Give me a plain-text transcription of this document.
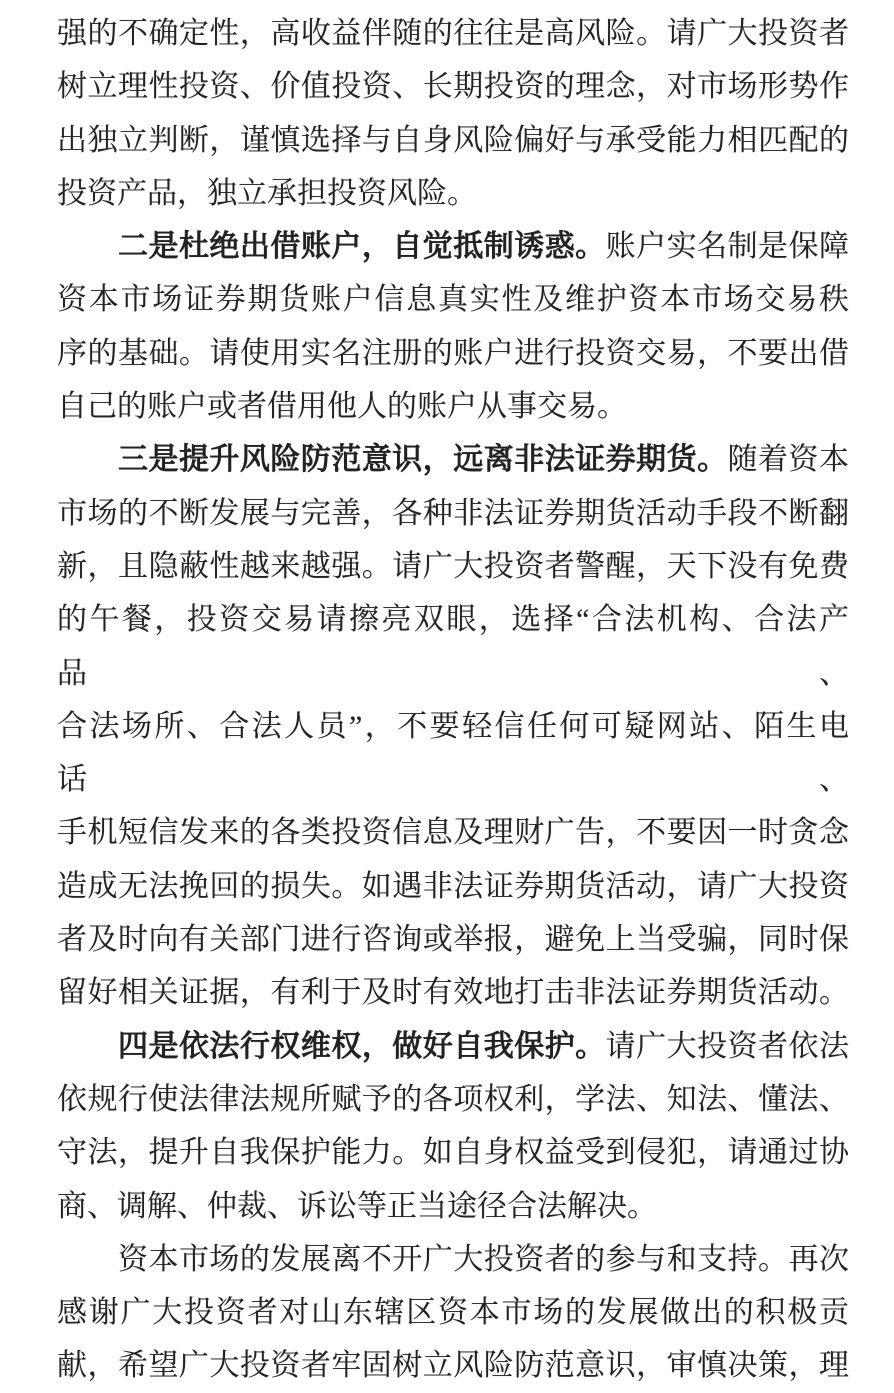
强的不确定性，高收益伴随的往往是高风险。请广大投资者
树立理性投资、价值投资、长期投资的理念，对市场形势作
出独立判断，谨慎选择与自身风险偏好与承受能力相匹配的
投资产品，独立承担投资风险。
二是杜绝出借账户，自觉抵制诱惑。账户实名制是保障
资本市场证券期货账户信息真实性及维护资本市场交易秩
序的基础。请使用实名注册的账户进行投资交易，不要出借
自己的账户或者借用他人的账户从事交易。
三是提升风险防范意识，远离非法证券期货。随着资本
市场的不断发展与完善，各种非法证券期货活动手段不断翻
新，且隐蔽性越来越强。请广大投资者警醒，天下没有免费
的午餐，投资交易请擦亮双眼，选择“合法机构、合法产品、
合法场所、合法人员”，不要轻信任何可疑网站、陌生电话、
手机短信发来的各类投资信息及理财广告，不要因一时贪念
造成无法挽回的损失。如遇非法证券期货活动，请广大投资
者及时向有关部门进行咨询或举报，避免上当受骗，同时保
留好相关证据，有利于及时有效地打击非法证券期货活动。
四是依法行权维权，做好自我保护。请广大投资者依法
依规行使法律法规所赋予的各项权利，学法、知法、懂法、
守法，提升自我保护能力。如自身权益受到侵犯，请通过协
商、调解、仲裁、诉讼等正当途径合法解决。
资本市场的发展离不开广大投资者的参与和支持。再次
感谢广大投资者对山东辖区资本市场的发展做出的积极贡
献，希望广大投资者牢固树立风险防范意识，审慎决策，理
